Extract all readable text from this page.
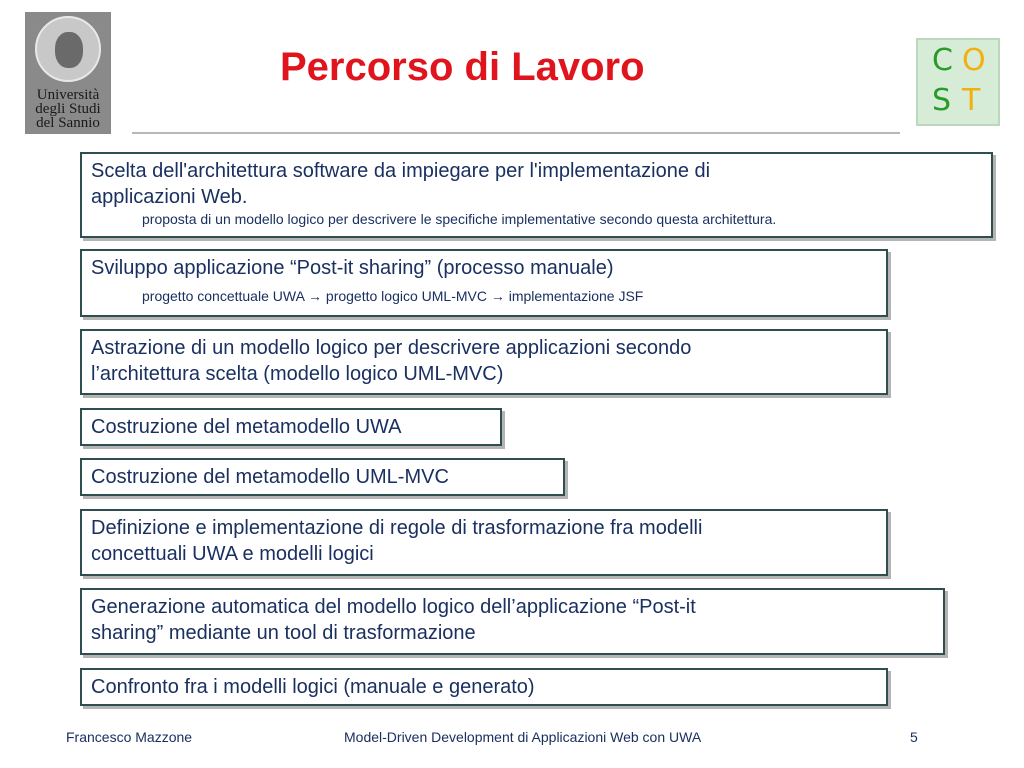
Università
degli Studi
del Sannio
Percorso di Lavoro	C O
S T
Scelta dell'architettura software da impiegare per l'implementazione di
applicazioni Web.
proposta di un modello logico per descrivere le specifiche implementative secondo questa architettura.
Sviluppo applicazione “Post-it sharing” (processo manuale)
progetto concettuale UWA → progetto logico UML-MVC → implementazione JSF
Astrazione di un modello logico per descrivere applicazioni secondo
l’architettura scelta (modello logico UML-MVC)
Costruzione del metamodello UWA
Costruzione del metamodello UML-MVC
Definizione e implementazione di regole di trasformazione fra modelli
concettuali UWA e modelli logici
Generazione automatica del modello logico dell’applicazione “Post-it
sharing” mediante un tool di trasformazione
Confronto fra i modelli logici (manuale e generato)
Francesco Mazzone	Model-Driven Development di Applicazioni Web con UWA	5
